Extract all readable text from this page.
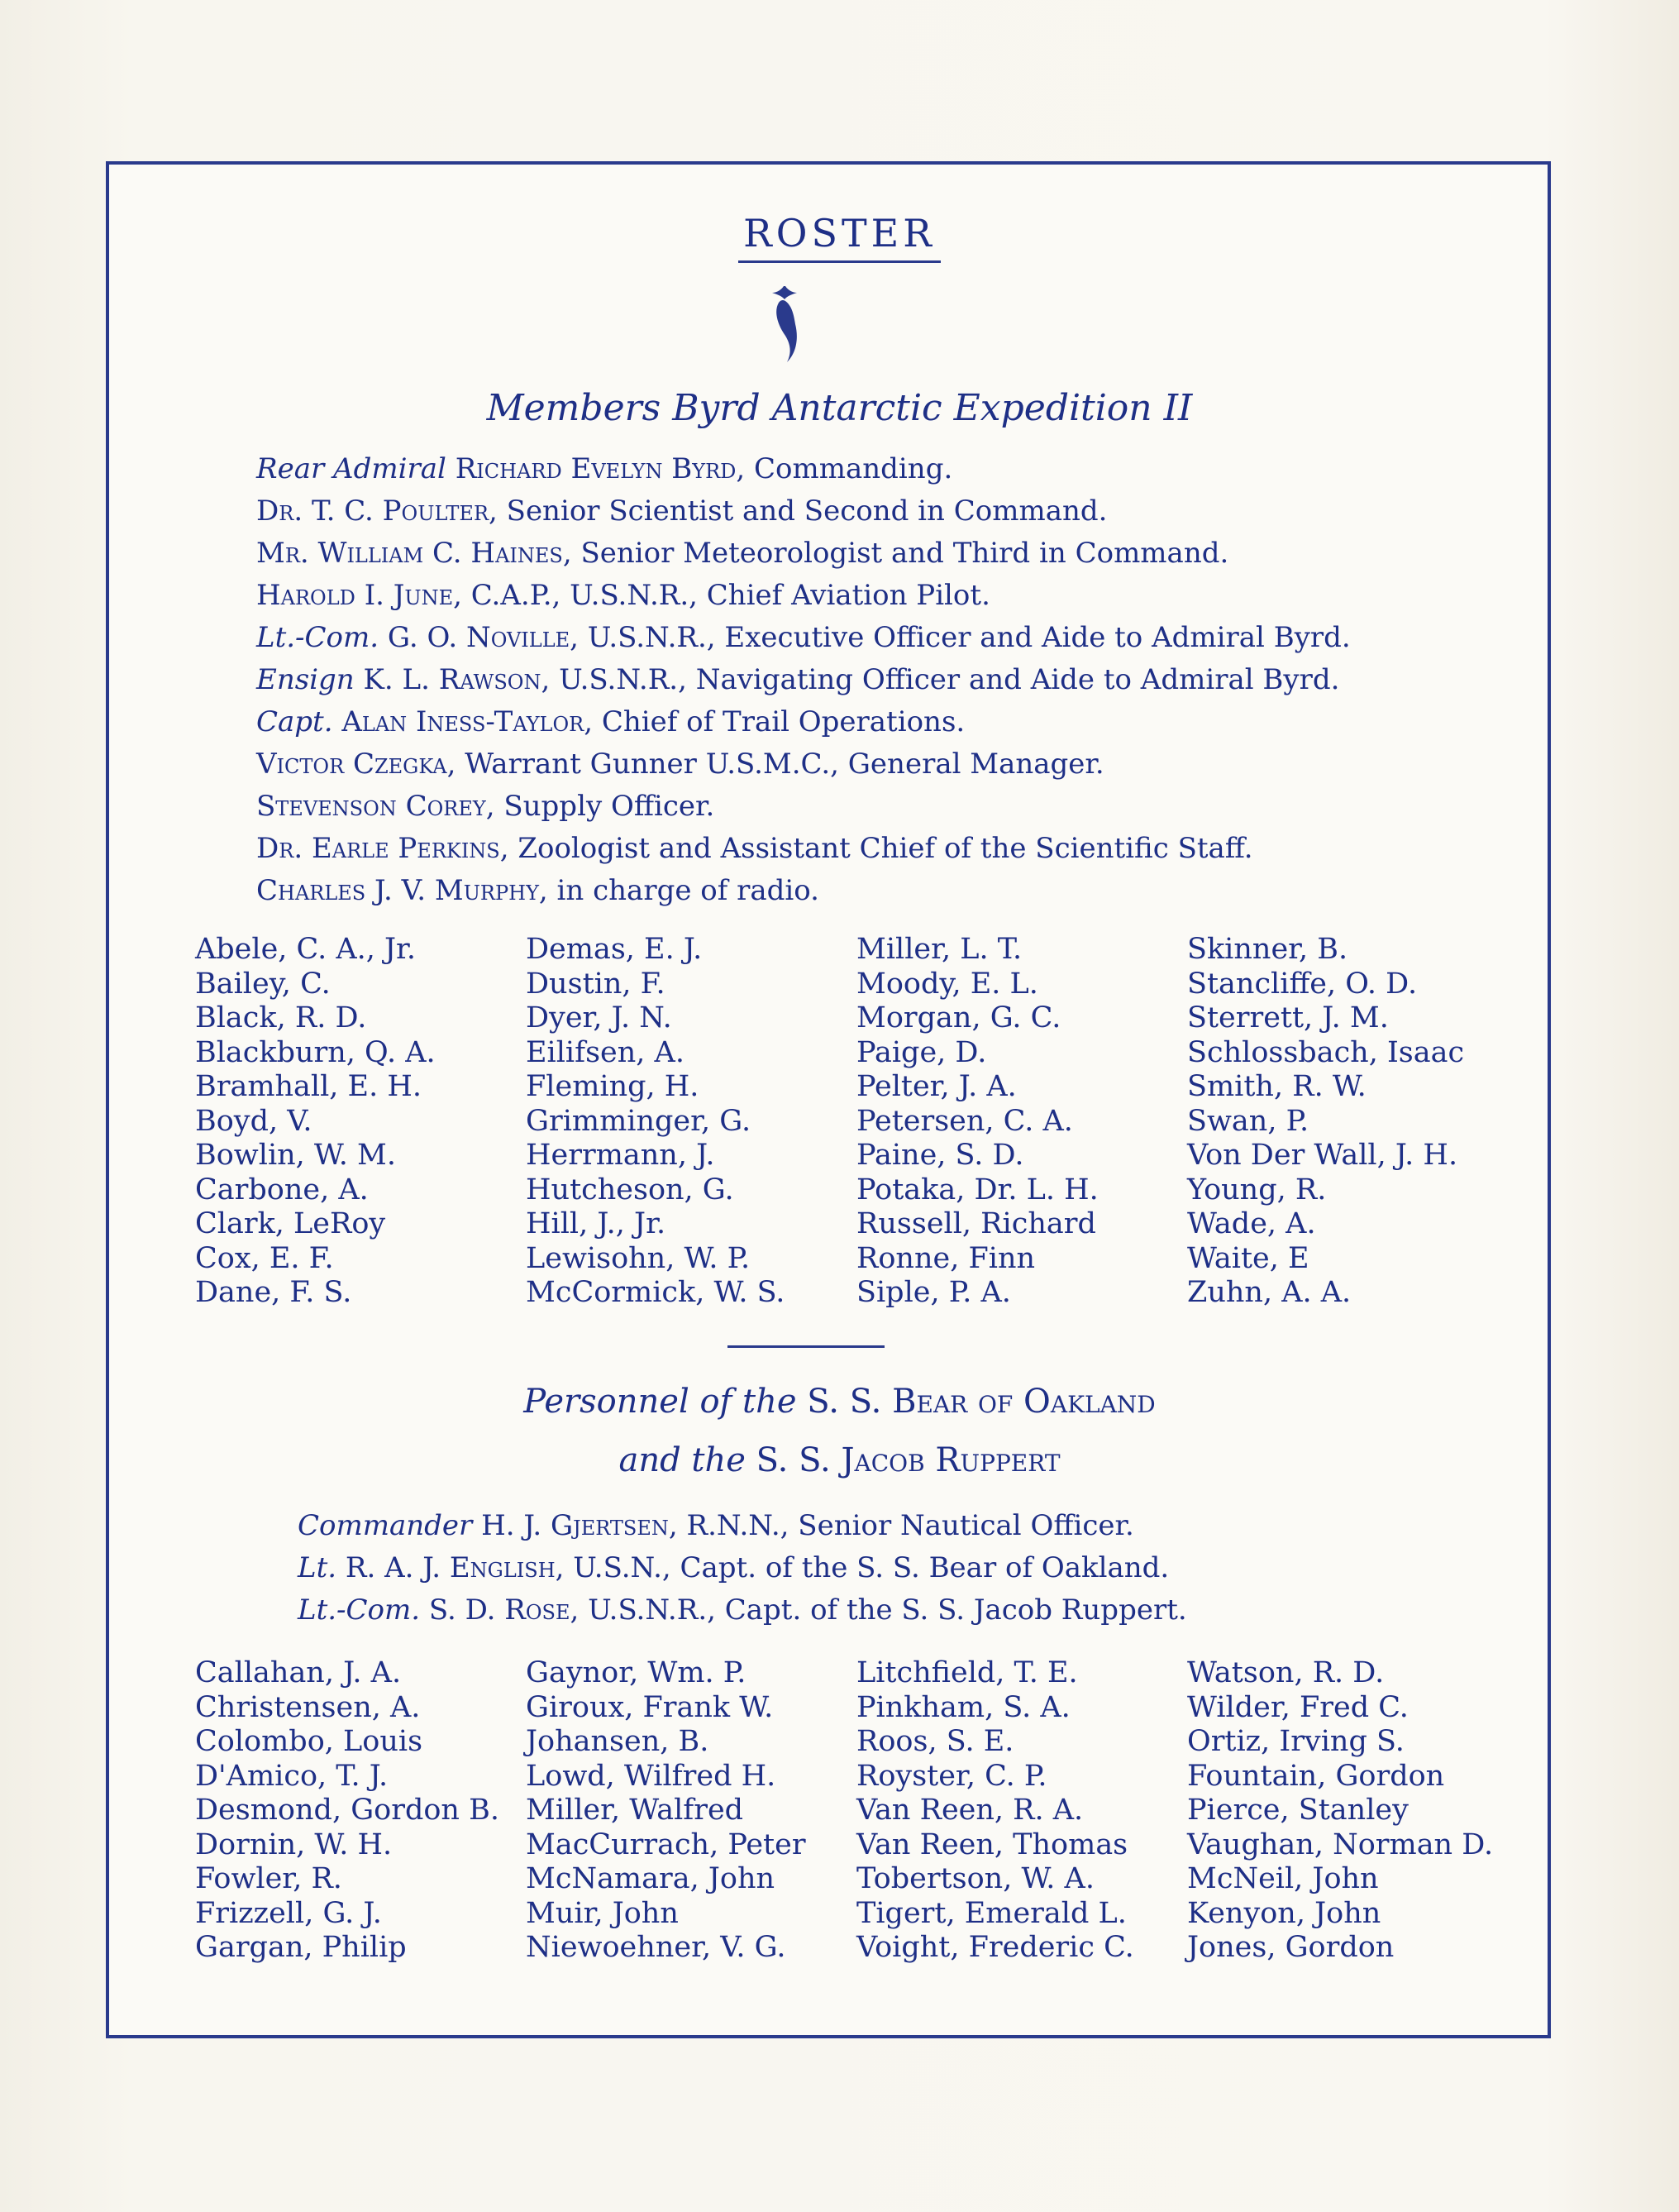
ROSTER
Members Byrd Antarctic Expedition II
Rear Admiral Richard Evelyn Byrd, Commanding.
Dr. T. C. Poulter, Senior Scientist and Second in Command.
Mr. William C. Haines, Senior Meteorologist and Third in Command.
Harold I. June, C.A.P., U.S.N.R., Chief Aviation Pilot.
Lt.-Com. G. O. Noville, U.S.N.R., Executive Officer and Aide to Admiral Byrd.
Ensign K. L. Rawson, U.S.N.R., Navigating Officer and Aide to Admiral Byrd.
Capt. Alan Iness-Taylor, Chief of Trail Operations.
Victor Czegka, Warrant Gunner U.S.M.C., General Manager.
Stevenson Corey, Supply Officer.
Dr. Earle Perkins, Zoologist and Assistant Chief of the Scientific Staff.
Charles J. V. Murphy, in charge of radio.
Abele, C. A., Jr.
Bailey, C.
Black, R. D.
Blackburn, Q. A.
Bramhall, E. H.
Boyd, V.
Bowlin, W. M.
Carbone, A.
Clark, LeRoy
Cox, E. F.
Dane, F. S.
Demas, E. J.
Dustin, F.
Dyer, J. N.
Eilifsen, A.
Fleming, H.
Grimminger, G.
Herrmann, J.
Hutcheson, G.
Hill, J., Jr.
Lewisohn, W. P.
McCormick, W. S.
Miller, L. T.
Moody, E. L.
Morgan, G. C.
Paige, D.
Pelter, J. A.
Petersen, C. A.
Paine, S. D.
Potaka, Dr. L. H.
Russell, Richard
Ronne, Finn
Siple, P. A.
Skinner, B.
Stancliffe, O. D.
Sterrett, J. M.
Schlossbach, Isaac
Smith, R. W.
Swan, P.
Von Der Wall, J. H.
Young, R.
Wade, A.
Waite, E
Zuhn, A. A.
Personnel of the S. S. Bear of Oakland
and the S. S. Jacob Ruppert
Commander H. J. Gjertsen, R.N.N., Senior Nautical Officer.
Lt. R. A. J. English, U.S.N., Capt. of the S. S. Bear of Oakland.
Lt.-Com. S. D. Rose, U.S.N.R., Capt. of the S. S. Jacob Ruppert.
Callahan, J. A.
Christensen, A.
Colombo, Louis
D'Amico, T. J.
Desmond, Gordon B.
Dornin, W. H.
Fowler, R.
Frizzell, G. J.
Gargan, Philip
Gaynor, Wm. P.
Giroux, Frank W.
Johansen, B.
Lowd, Wilfred H.
Miller, Walfred
MacCurrach, Peter
McNamara, John
Muir, John
Niewoehner, V. G.
Litchfield, T. E.
Pinkham, S. A.
Roos, S. E.
Royster, C. P.
Van Reen, R. A.
Van Reen, Thomas
Tobertson, W. A.
Tigert, Emerald L.
Voight, Frederic C.
Watson, R. D.
Wilder, Fred C.
Ortiz, Irving S.
Fountain, Gordon
Pierce, Stanley
Vaughan, Norman D.
McNeil, John
Kenyon, John
Jones, Gordon
